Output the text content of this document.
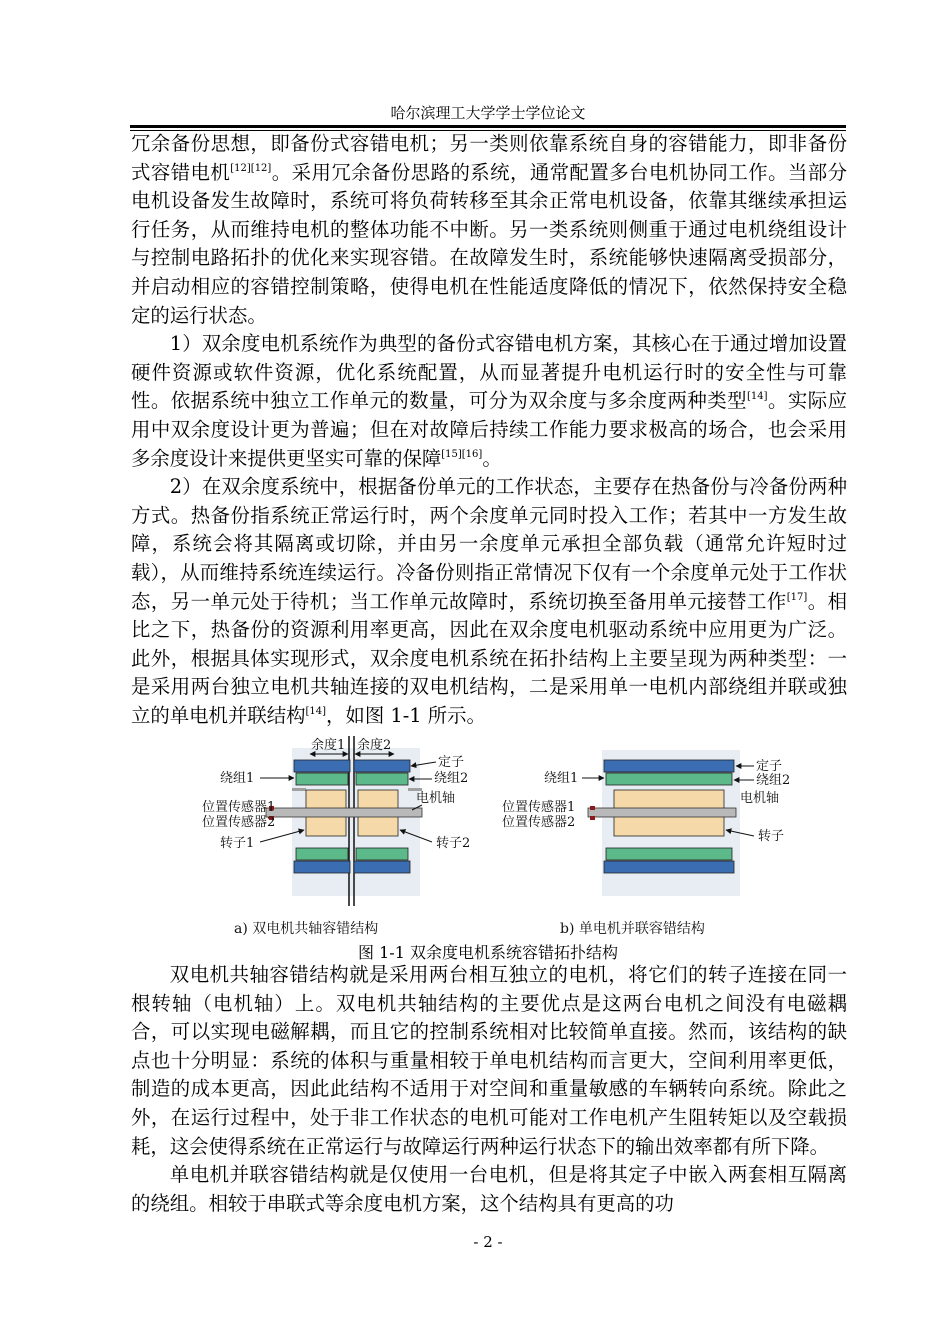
哈尔滨理工大学学士学位论文

冗余备份思想，即备份式容错电机；另一类则依靠系统自身的容错能力，即非备份式容错电机[12][12]。采用冗余备份思路的系统，通常配置多台电机协同工作。当部分电机设备发生故障时，系统可将负荷转移至其余正常电机设备，依靠其继续承担运行任务，从而维持电机的整体功能不中断。另一类系统则侧重于通过电机绕组设计与控制电路拓扑的优化来实现容错。在故障发生时，系统能够快速隔离受损部分，并启动相应的容错控制策略，使得电机在性能适度降低的情况下，依然保持安全稳定的运行状态。

1）双余度电机系统作为典型的备份式容错电机方案，其核心在于通过增加设置硬件资源或软件资源，优化系统配置，从而显著提升电机运行时的安全性与可靠性。依据系统中独立工作单元的数量，可分为双余度与多余度两种类型[14]。实际应用中双余度设计更为普遍；但在对故障后持续工作能力要求极高的场合，也会采用多余度设计来提供更坚实可靠的保障[15][16]。

2）在双余度系统中，根据备份单元的工作状态，主要存在热备份与冷备份两种方式。热备份指系统正常运行时，两个余度单元同时投入工作；若其中一方发生故障，系统会将其隔离或切除，并由另一余度单元承担全部负载（通常允许短时过载），从而维持系统连续运行。冷备份则指正常情况下仅有一个余度单元处于工作状态，另一单元处于待机；当工作单元故障时，系统切换至备用单元接替工作[17]。相比之下，热备份的资源利用率更高，因此在双余度电机驱动系统中应用更为广泛。此外，根据具体实现形式，双余度电机系统在拓扑结构上主要呈现为两种类型：一是采用两台独立电机共轴连接的双电机结构，二是采用单一电机内部绕组并联或独立的单电机并联结构[14]，如图 1-1 所示。

余度1 余度2
定子
绕组2
绕组1
电机轴
位置传感器1
位置传感器2
转子1	转子2
a) 双电机共轴容错结构
定子
绕组2
绕组1
电机轴
位置传感器1
位置传感器2
转子
b) 单电机并联容错结构
图 1-1 双余度电机系统容错拓扑结构

双电机共轴容错结构就是采用两台相互独立的电机，将它们的转子连接在同一根转轴（电机轴）上。双电机共轴结构的主要优点是这两台电机之间没有电磁耦合，可以实现电磁解耦，而且它的控制系统相对比较简单直接。然而，该结构的缺点也十分明显：系统的体积与重量相较于单电机结构而言更大，空间利用率更低，制造的成本更高，因此此结构不适用于对空间和重量敏感的车辆转向系统。除此之外，在运行过程中，处于非工作状态的电机可能对工作电机产生阻转矩以及空载损耗，这会使得系统在正常运行与故障运行两种运行状态下的输出效率都有所下降。

单电机并联容错结构就是仅使用一台电机，但是将其定子中嵌入两套相互隔离的绕组。相较于串联式等余度电机方案，这个结构具有更高的功

- 2 -
